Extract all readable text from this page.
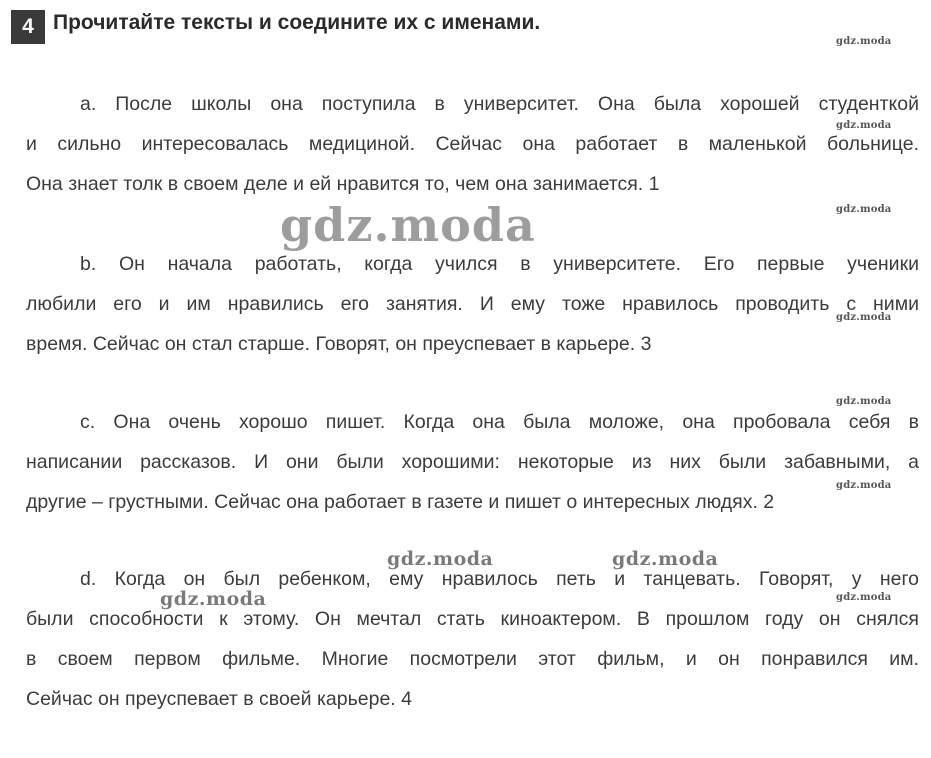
4 Прочитайте тексты и соедините их с именами.
a. После школы она поступила в университет. Она была хорошей студенткой
и сильно интересовалась медициной. Сейчас она работает в маленькой больнице.
Она знает толк в своем деле и ей нравится то, чем она занимается. 1
b. Он начала работать, когда учился в университете. Его первые ученики
любили его и им нравились его занятия. И ему тоже нравилось проводить с ними
время. Сейчас он стал старше. Говорят, он преуспевает в карьере. 3
c. Она очень хорошо пишет. Когда она была моложе, она пробовала себя в
написании рассказов. И они были хорошими: некоторые из них были забавными, а
другие – грустными. Сейчас она работает в газете и пишет о интересных людях. 2
d. Когда он был ребенком, ему нравилось петь и танцевать. Говорят, у него
были способности к этому. Он мечтал стать киноактером. В прошлом году он снялся
в своем первом фильме. Многие посмотрели этот фильм, и он понравился им.
Сейчас он преуспевает в своей карьере. 4
gdz.moda
gdz.moda
gdz.moda
gdz.moda
gdz.moda
gdz.moda
gdz.moda
gdz.moda
gdz.moda	gdz.moda
gdz.moda
